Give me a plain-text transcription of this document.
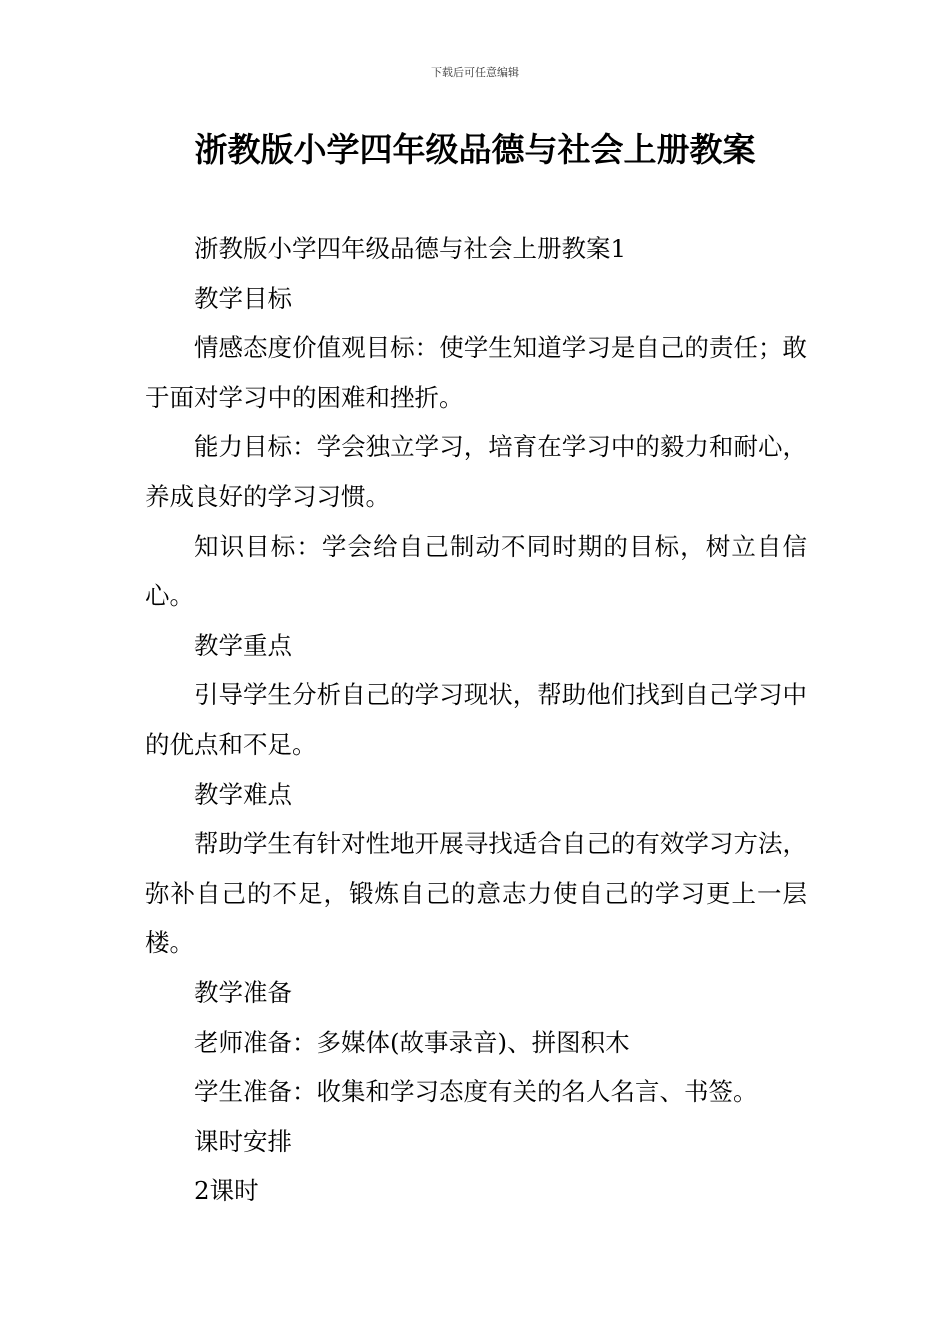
下载后可任意编辑
浙教版小学四年级品德与社会上册教案

浙教版小学四年级品德与社会上册教案1

教学目标

情感态度价值观目标：使学生知道学习是自己的责任；敢于面对学习中的困难和挫折。

能力目标：学会独立学习，培育在学习中的毅力和耐心，养成良好的学习习惯。

知识目标：学会给自己制动不同时期的目标，树立自信心。

教学重点

引导学生分析自己的学习现状，帮助他们找到自己学习中的优点和不足。

教学难点

帮助学生有针对性地开展寻找适合自己的有效学习方法，弥补自己的不足，锻炼自己的意志力使自己的学习更上一层楼。

教学准备

老师准备：多媒体(故事录音)、拼图积木

学生准备：收集和学习态度有关的名人名言、书签。

课时安排

2课时
